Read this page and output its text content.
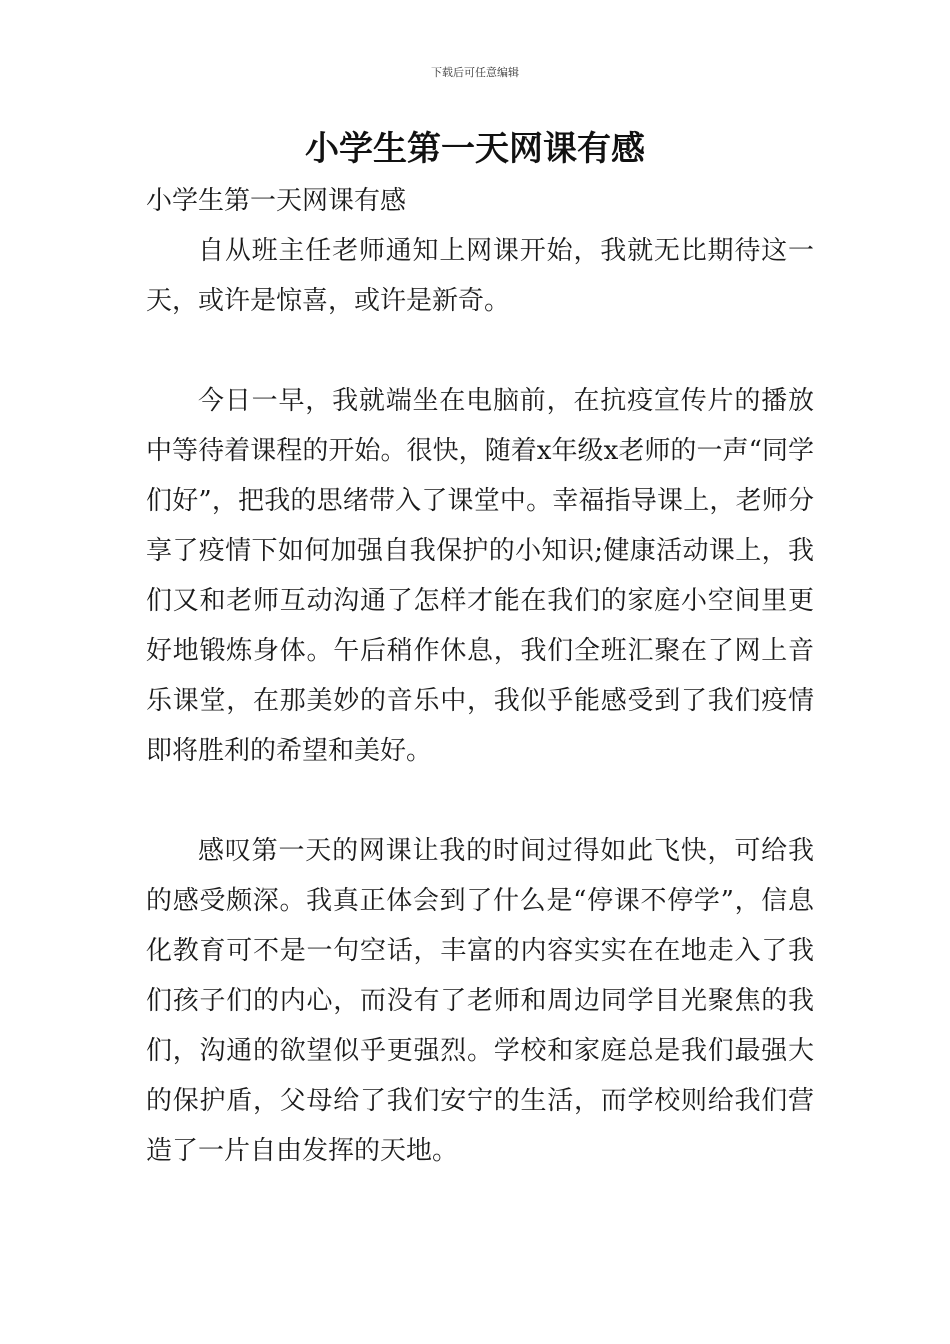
下载后可任意编辑
小学生第一天网课有感

小学生第一天网课有感

自从班主任老师通知上网课开始，我就无比期待这一天，或许是惊喜，或许是新奇。

今日一早，我就端坐在电脑前，在抗疫宣传片的播放中等待着课程的开始。很快，随着x年级x老师的一声“同学们好”，把我的思绪带入了课堂中。幸福指导课上，老师分享了疫情下如何加强自我保护的小知识;健康活动课上，我们又和老师互动沟通了怎样才能在我们的家庭小空间里更好地锻炼身体。午后稍作休息，我们全班汇聚在了网上音乐课堂，在那美妙的音乐中，我似乎能感受到了我们疫情即将胜利的希望和美好。

感叹第一天的网课让我的时间过得如此飞快，可给我的感受颇深。我真正体会到了什么是“停课不停学”，信息化教育可不是一句空话，丰富的内容实实在在地走入了我们孩子们的内心，而没有了老师和周边同学目光聚焦的我们，沟通的欲望似乎更强烈。学校和家庭总是我们最强大的保护盾，父母给了我们安宁的生活，而学校则给我们营造了一片自由发挥的天地。
